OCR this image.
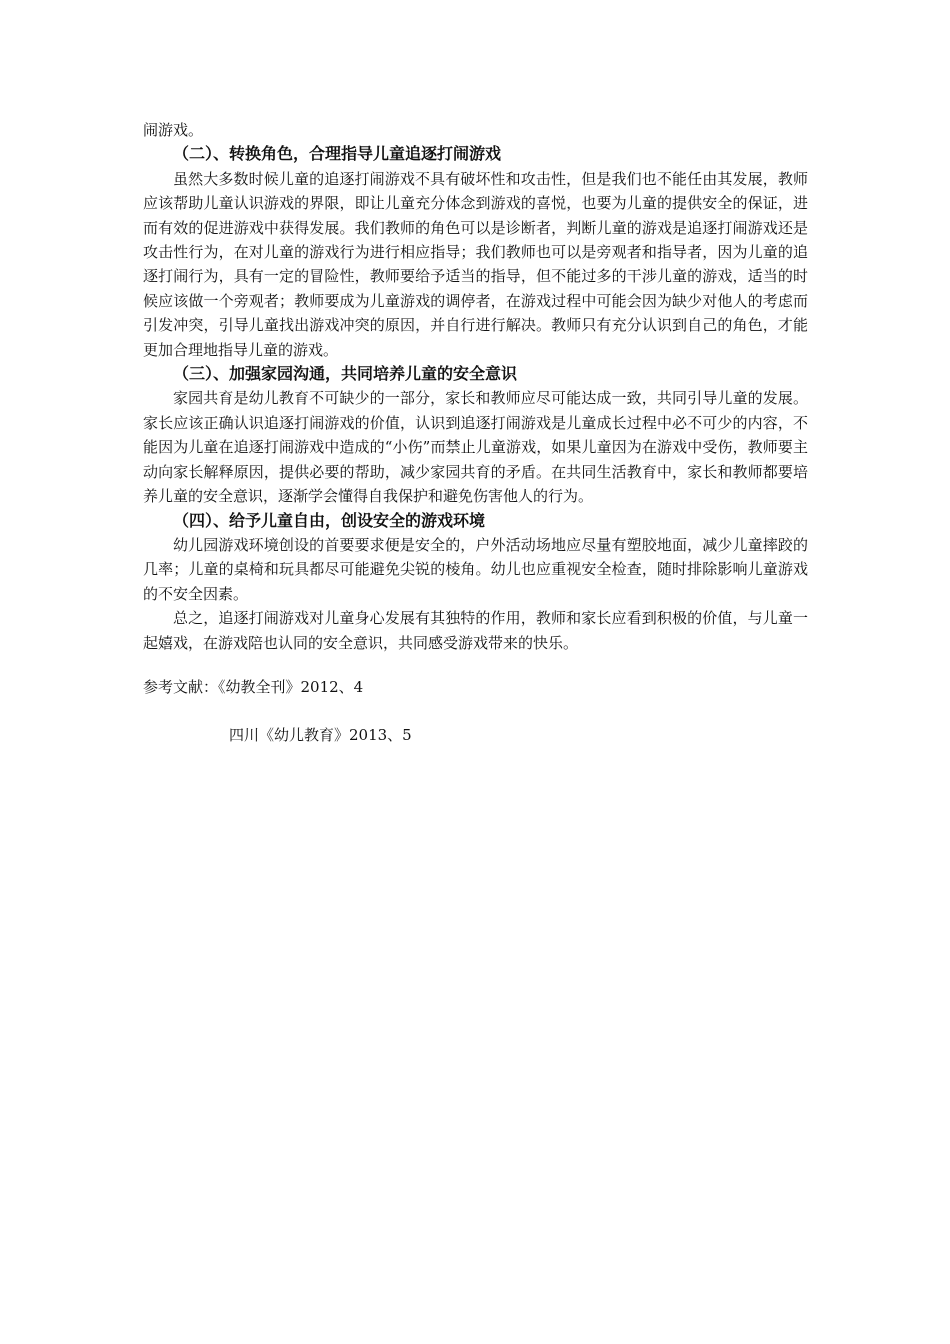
闹游戏。

（二）、转换角色，合理指导儿童追逐打闹游戏

虽然大多数时候儿童的追逐打闹游戏不具有破坏性和攻击性，但是我们也不能任由其发展，教师应该帮助儿童认识游戏的界限，即让儿童充分体念到游戏的喜悦，也要为儿童的提供安全的保证，进而有效的促进游戏中获得发展。我们教师的角色可以是诊断者，判断儿童的游戏是追逐打闹游戏还是攻击性行为，在对儿童的游戏行为进行相应指导；我们教师也可以是旁观者和指导者，因为儿童的追逐打闹行为，具有一定的冒险性，教师要给予适当的指导，但不能过多的干涉儿童的游戏，适当的时候应该做一个旁观者；教师要成为儿童游戏的调停者，在游戏过程中可能会因为缺少对他人的考虑而引发冲突，引导儿童找出游戏冲突的原因，并自行进行解决。教师只有充分认识到自己的角色，才能更加合理地指导儿童的游戏。

（三）、加强家园沟通，共同培养儿童的安全意识

家园共育是幼儿教育不可缺少的一部分，家长和教师应尽可能达成一致，共同引导儿童的发展。家长应该正确认识追逐打闹游戏的价值，认识到追逐打闹游戏是儿童成长过程中必不可少的内容，不能因为儿童在追逐打闹游戏中造成的“小伤”而禁止儿童游戏，如果儿童因为在游戏中受伤，教师要主动向家长解释原因，提供必要的帮助，减少家园共育的矛盾。在共同生活教育中，家长和教师都要培养儿童的安全意识，逐渐学会懂得自我保护和避免伤害他人的行为。

（四）、给予儿童自由，创设安全的游戏环境

幼儿园游戏环境创设的首要要求便是安全的，户外活动场地应尽量有塑胶地面，减少儿童摔跤的几率；儿童的桌椅和玩具都尽可能避免尖锐的棱角。幼儿也应重视安全检查，随时排除影响儿童游戏的不安全因素。

总之，追逐打闹游戏对儿童身心发展有其独特的作用，教师和家长应看到积极的价值，与儿童一起嬉戏，在游戏陪也认同的安全意识，共同感受游戏带来的快乐。

参考文献：《幼教全刊》2012、4

四川《幼儿教育》2013、5
